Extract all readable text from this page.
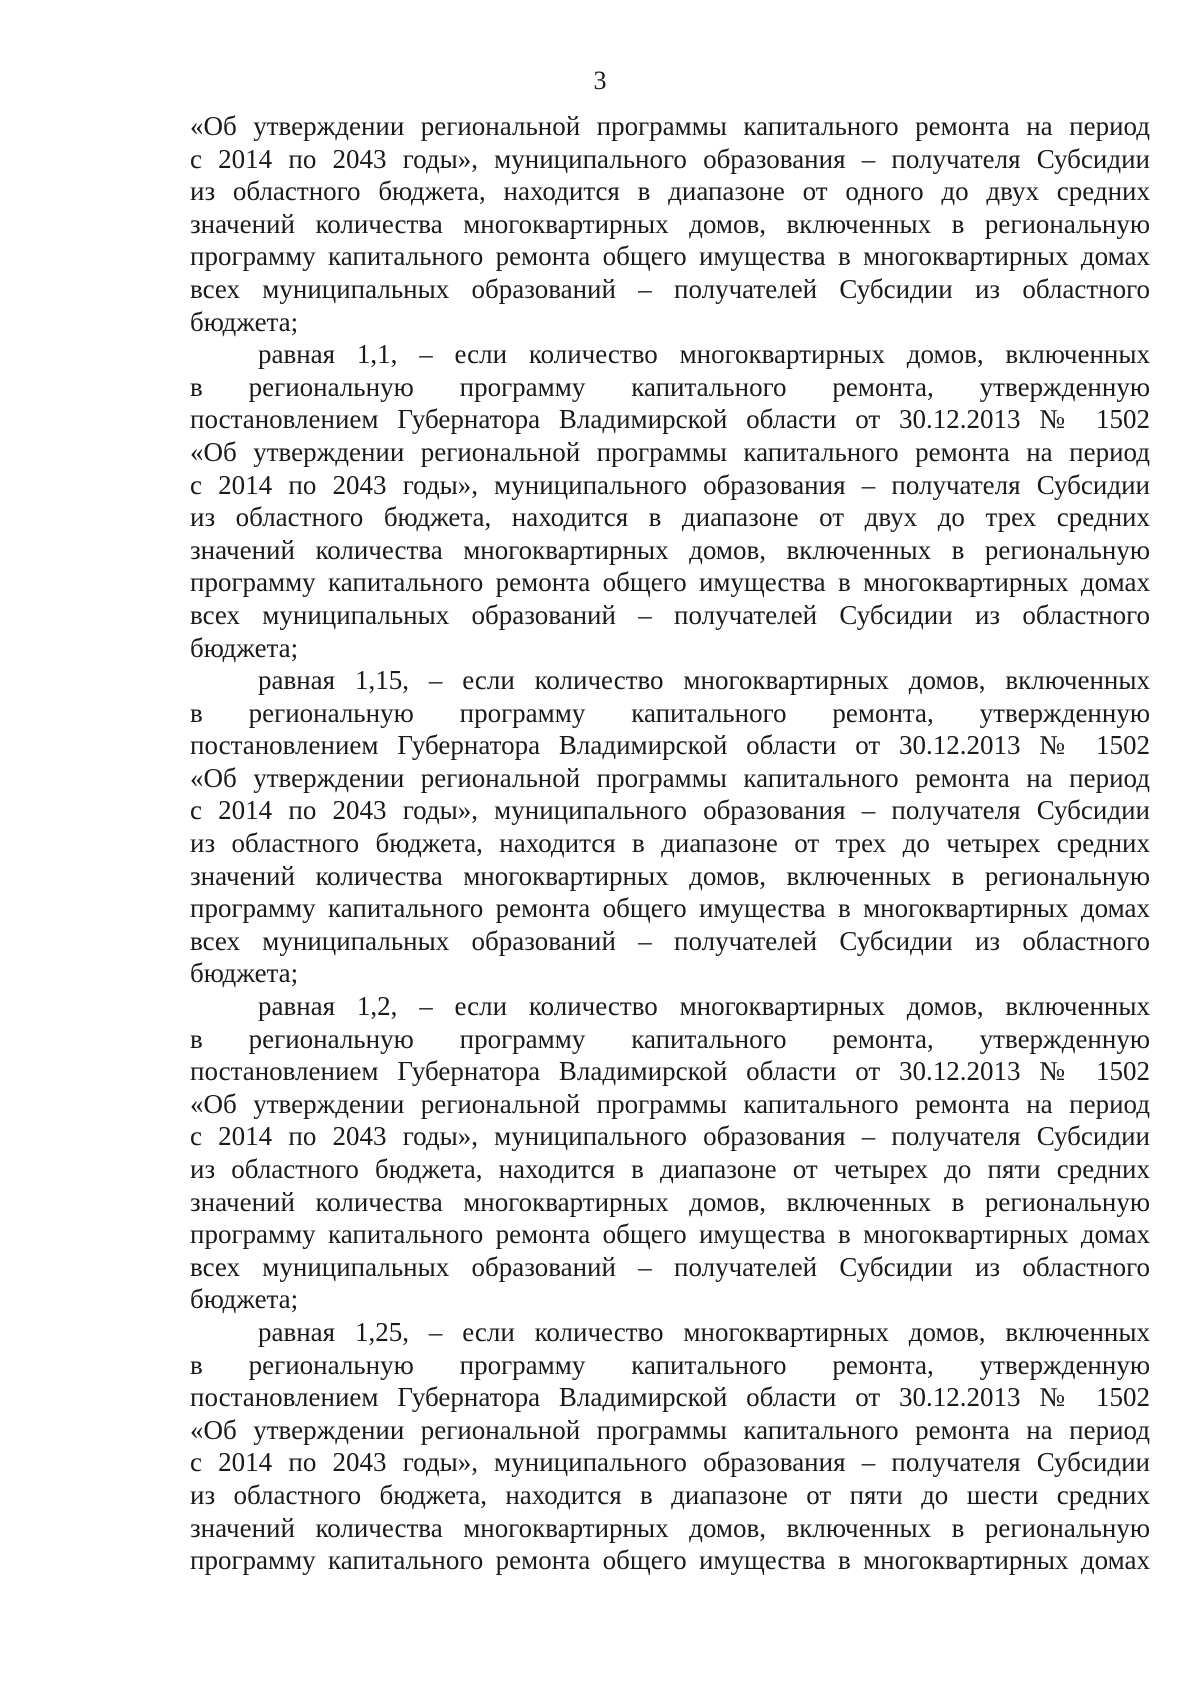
3
«Об утверждении региональной программы капитального ремонта на период
с 2014 по 2043 годы», муниципального образования – получателя Субсидии
из областного бюджета, находится в диапазоне от одного до двух средних
значений количества многоквартирных домов, включенных в региональную
программу капитального ремонта общего имущества в многоквартирных домах
всех муниципальных образований – получателей Субсидии из областного
бюджета;
равная 1,1, – если количество многоквартирных домов, включенных
в региональную программу капитального ремонта, утвержденную
постановлением Губернатора Владимирской области от 30.12.2013 № 1502
«Об утверждении региональной программы капитального ремонта на период
с 2014 по 2043 годы», муниципального образования – получателя Субсидии
из областного бюджета, находится в диапазоне от двух до трех средних
значений количества многоквартирных домов, включенных в региональную
программу капитального ремонта общего имущества в многоквартирных домах
всех муниципальных образований – получателей Субсидии из областного
бюджета;
равная 1,15, – если количество многоквартирных домов, включенных
в региональную программу капитального ремонта, утвержденную
постановлением Губернатора Владимирской области от 30.12.2013 № 1502
«Об утверждении региональной программы капитального ремонта на период
с 2014 по 2043 годы», муниципального образования – получателя Субсидии
из областного бюджета, находится в диапазоне от трех до четырех средних
значений количества многоквартирных домов, включенных в региональную
программу капитального ремонта общего имущества в многоквартирных домах
всех муниципальных образований – получателей Субсидии из областного
бюджета;
равная 1,2, – если количество многоквартирных домов, включенных
в региональную программу капитального ремонта, утвержденную
постановлением Губернатора Владимирской области от 30.12.2013 № 1502
«Об утверждении региональной программы капитального ремонта на период
с 2014 по 2043 годы», муниципального образования – получателя Субсидии
из областного бюджета, находится в диапазоне от четырех до пяти средних
значений количества многоквартирных домов, включенных в региональную
программу капитального ремонта общего имущества в многоквартирных домах
всех муниципальных образований – получателей Субсидии из областного
бюджета;
равная 1,25, – если количество многоквартирных домов, включенных
в региональную программу капитального ремонта, утвержденную
постановлением Губернатора Владимирской области от 30.12.2013 № 1502
«Об утверждении региональной программы капитального ремонта на период
с 2014 по 2043 годы», муниципального образования – получателя Субсидии
из областного бюджета, находится в диапазоне от пяти до шести средних
значений количества многоквартирных домов, включенных в региональную
программу капитального ремонта общего имущества в многоквартирных домах
